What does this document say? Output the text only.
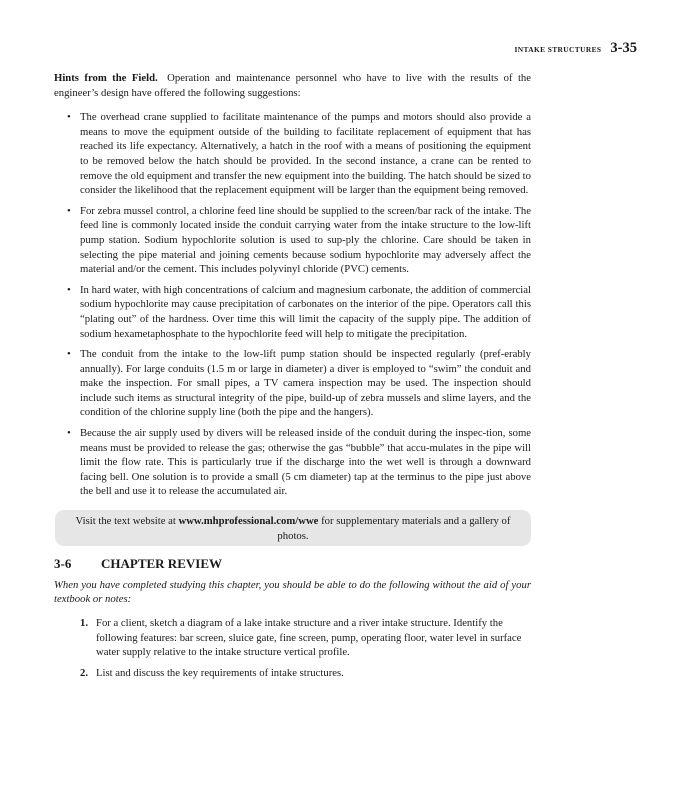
INTAKE STRUCTURES 3-35

Hints from the Field. Operation and maintenance personnel who have to live with the results of the engineer’s design have offered the following suggestions:

• The overhead crane supplied to facilitate maintenance of the pumps and motors should also provide a means to move the equipment outside of the building to facilitate replacement of equipment that has reached its life expectancy. Alternatively, a hatch in the roof with a means of positioning the equipment to be removed below the hatch should be provided. In the second instance, a crane can be rented to remove the old equipment and transfer the new equipment into the building. The hatch should be sized to consider the likelihood that the replacement equipment will be larger than the equipment being removed.
• For zebra mussel control, a chlorine feed line should be supplied to the screen/bar rack of the intake. The feed line is commonly located inside the conduit carrying water from the intake structure to the low-lift pump station. Sodium hypochlorite solution is used to sup-ply the chlorine. Care should be taken in selecting the pipe material and joining cements because sodium hypochlorite may adversely affect the material and/or the cement. This includes polyvinyl chloride (PVC) cements.
• In hard water, with high concentrations of calcium and magnesium carbonate, the addition of commercial sodium hypochlorite may cause precipitation of carbonates on the interior of the pipe. Operators call this “plating out” of the hardness. Over time this will limit the capacity of the supply pipe. The addition of sodium hexametaphosphate to the hypochlorite feed will help to mitigate the precipitation.
• The conduit from the intake to the low-lift pump station should be inspected regularly (pref-erably annually). For large conduits (1.5 m or large in diameter) a diver is employed to “swim” the conduit and make the inspection. For small pipes, a TV camera inspection may be used. The inspection should include such items as structural integrity of the pipe, build-up of zebra mussels and slime layers, and the condition of the chlorine supply line (both the pipe and the hangers).
• Because the air supply used by divers will be released inside of the conduit during the inspec-tion, some means must be provided to release the gas; otherwise the gas “bubble” that accu-mulates in the pipe will limit the flow rate. This is particularly true if the discharge into the wet well is through a downward facing bell. One solution is to provide a small (5 cm diameter) tap at the terminus to the pipe just above the bell and use it to release the accumulated air.
Visit the text website at www.mhprofessional.com/wwe for supplementary materials and a gallery of photos.
3-6	CHAPTER REVIEW

When you have completed studying this chapter, you should be able to do the following without the aid of your textbook or notes:

1. For a client, sketch a diagram of a lake intake structure and a river intake structure. Identify the following features: bar screen, sluice gate, fine screen, pump, operating floor, water level in surface water supply relative to the intake structure vertical profile.
2. List and discuss the key requirements of intake structures.
